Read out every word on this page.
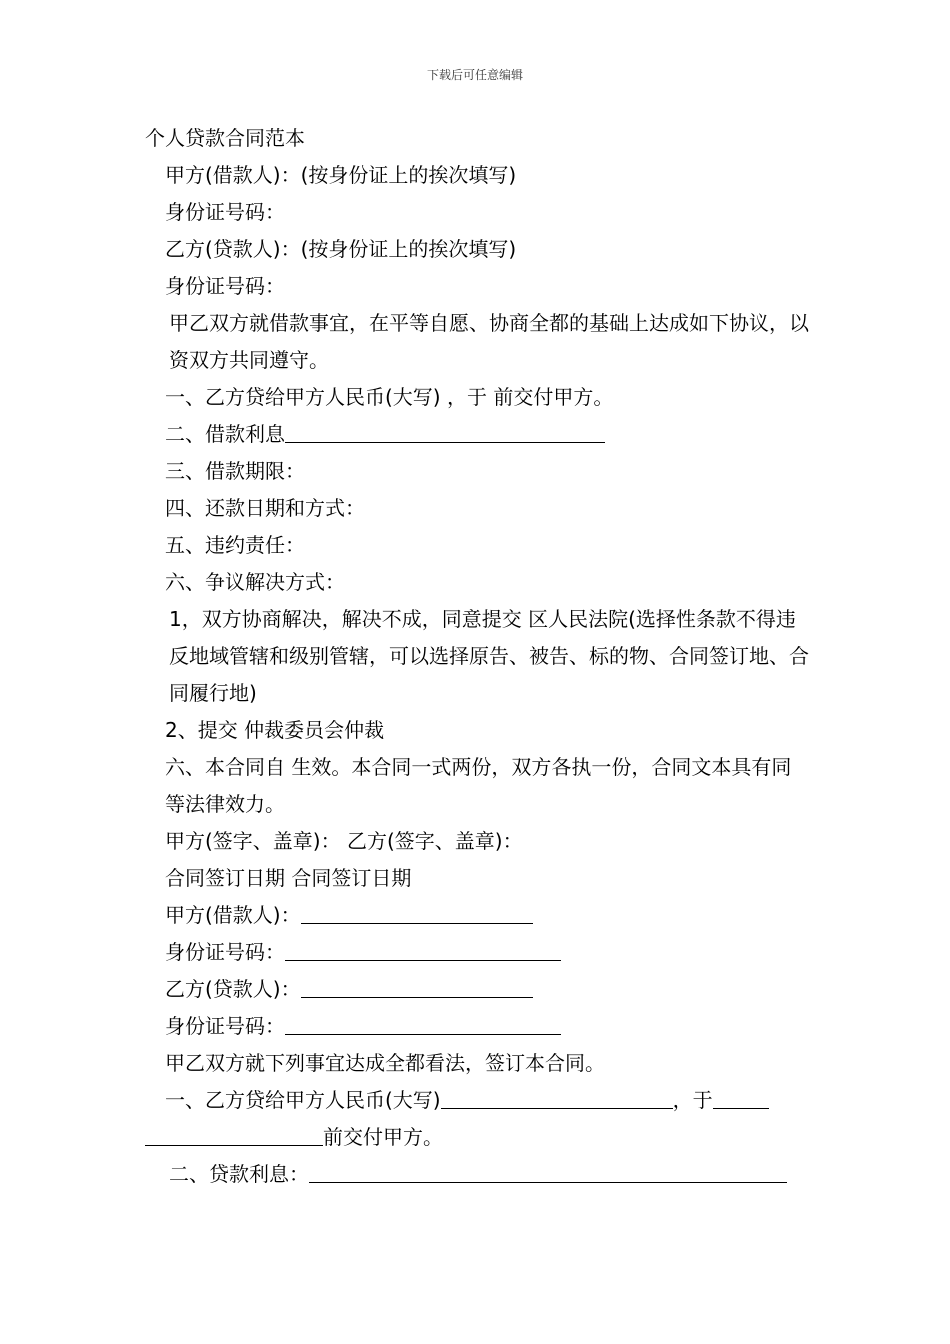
下载后可任意编辑

个人贷款合同范本

甲方(借款人)：(按身份证上的挨次填写)

身份证号码：

乙方(贷款人)：(按身份证上的挨次填写)

身份证号码：

甲乙双方就借款事宜，在平等自愿、协商全都的基础上达成如下协议，以资双方共同遵守。

一、乙方贷给甲方人民币(大写) ，于 前交付甲方。

二、借款利息

三、借款期限：

四、还款日期和方式：

五、违约责任：

六、争议解决方式：

1，双方协商解决，解决不成，同意提交 区人民法院(选择性条款不得违反地域管辖和级别管辖，可以选择原告、被告、标的物、合同签订地、合同履行地)

2、提交 仲裁委员会仲裁

六、本合同自 生效。本合同一式两份，双方各执一份，合同文本具有同等法律效力。

甲方(签字、盖章)： 乙方(签字、盖章)：

合同签订日期 合同签订日期

甲方(借款人)：

身份证号码：

乙方(贷款人)：

身份证号码：

甲乙双方就下列事宜达成全都看法，签订本合同。

一、乙方贷给甲方人民币(大写)	，于

前交付甲方。

二、贷款利息：
